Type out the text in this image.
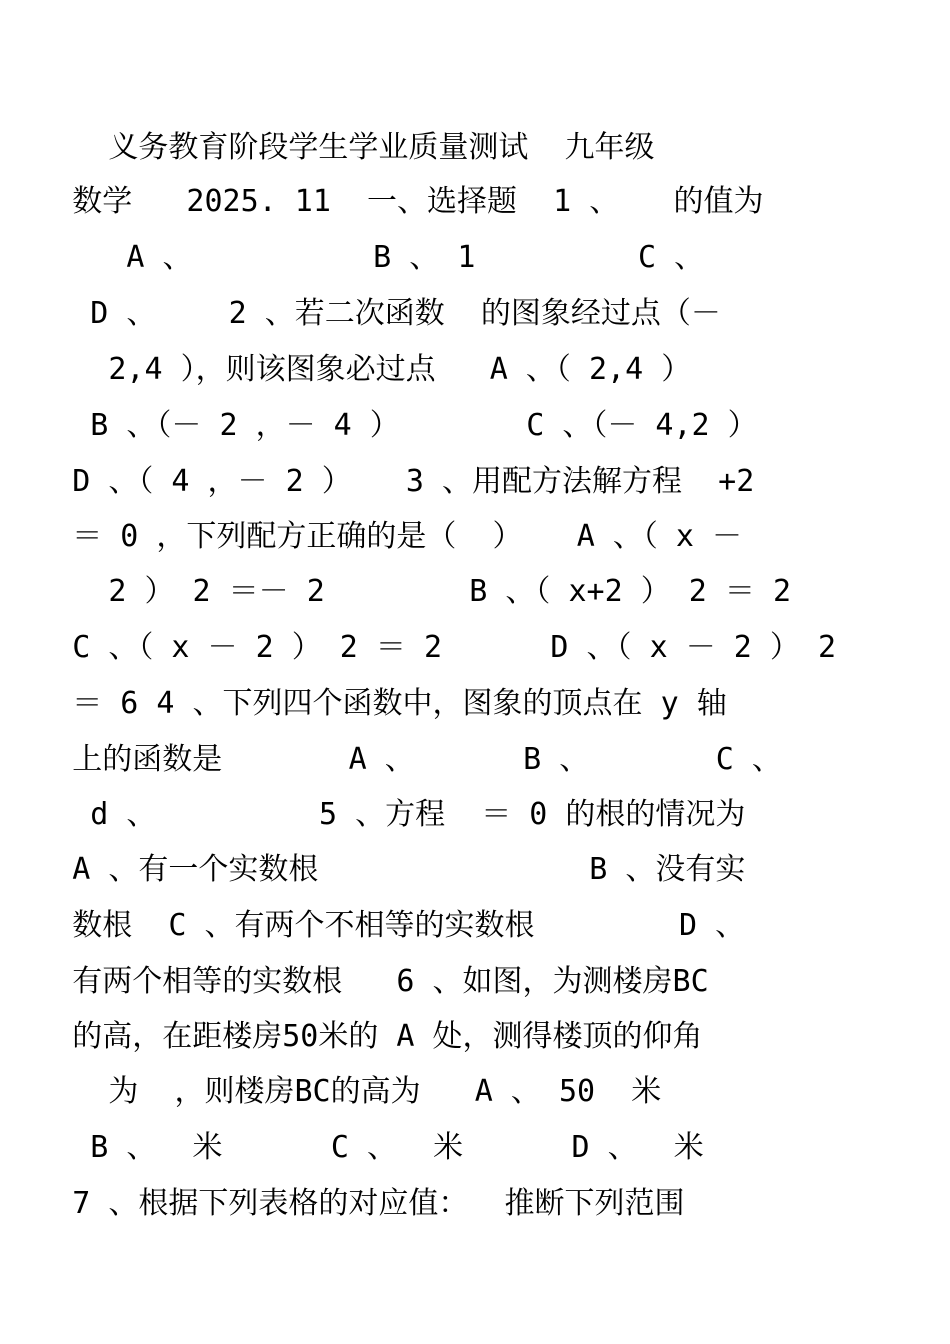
义务教育阶段学生学业质量测试  九年级
数学   2025. 11  一、选择题  1 、   的值为
A 、          B 、 1         C 、
D 、    2 、若二次函数  的图象经过点（－
2,4 ），则该图象必过点   A 、（ 2,4 ）
B 、（－ 2 ，－ 4 ）       C 、（－ 4,2 ）
D 、（ 4 ，－ 2 ）   3 、用配方法解方程  +2
＝ 0 ，下列配方正确的是（  ）   A 、（ x －
2 ） 2 ＝－ 2        B 、（ x+2 ） 2 ＝ 2
C 、（ x － 2 ） 2 ＝ 2      D 、（ x － 2 ） 2
＝ 6 4 、下列四个函数中，图象的顶点在 y 轴
上的函数是       A 、      B 、       C 、
d 、         5 、方程  ＝ 0 的根的情况为
A 、有一个实数根               B 、没有实
数根  C 、有两个不相等的实数根        D 、
有两个相等的实数根   6 、如图，为测楼房BC
的高，在距楼房50米的 A 处，测得楼顶的仰角
为  ，则楼房BC的高为   A 、 50  米
B 、  米      C 、  米      D 、  米
7 、根据下列表格的对应值：  推断下列范围
